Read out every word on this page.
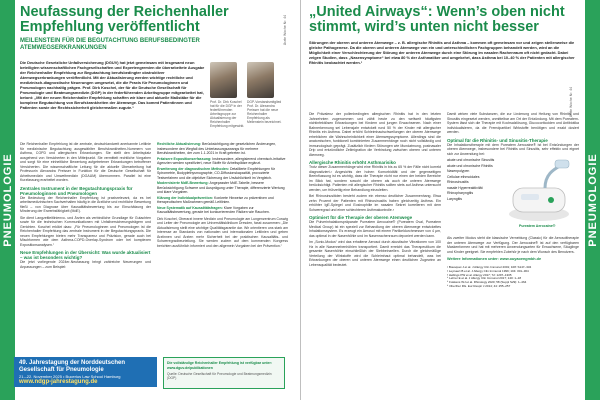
PNEUMOLOGIE
Ärzte Woche Nr. 44
Neufassung der Reichenhaller Empfehlung veröffentlicht
MEILENSTEIN FÜR DIE BEGUTACHTUNG BERUFSBEDINGTER ATEMWEGSERKRANKUNGEN
Die Deutsche Gesetzliche Unfallversicherung (DGUV) hat jetzt gemeinsam mit insgesamt neun beteiligten wissenschaftlichen Fachgesellschaften und Expertengremien die überarbeitete Ausgabe der Reichenhaller Empfehlung zur Begutachtung berufsbedingter obstruktiver Atemwegserkrankungen veröffentlicht. Mit der Aktualisierung werden wichtige rechtliche und medizinisch-diagnostische Neuerungen umgesetzt, die die Praxis für Pneumologinnen und Pneumologen nachhaltig prägen. Prof. Dirk Koschel, der für die Deutsche Gesellschaft für Pneumologie und Beatmungsmedizin (DGP) in der federführenden Arbeitsgruppe mitgearbeitet hat, betont: „Mit der neuen Reichenhaller Empfehlung schaffen wir klare und aktuelle Maßstäbe für die komplexe Begutachtung von Berufskrankheiten der Atemwege. Das kommt Patientinnen und Patienten sowie der Rechtssicherheit gleichermaßen zugute.“
Prof. Dr. Dirk Koschel hat für die DGP in der federführenden Arbeitsgruppe zur Aktualisierung der Reichenhaller Empfehlung mitgewirkt.
DGP-Vorstandsmitglied Prof. Dr. Alexandra Preisser hat die neue Reichenhaller Empfehlung als Meilenstein bezeichnet.

Die Reichenhaller Empfehlung ist die zentrale, deutschlandweit anerkannte Leitlinie für medizinische Begutachtung ausgewählter Berufskrankheiten-Nummern von Asthma, COPD und allergischen Erkrankungen. Sie stellt den Arbeitsplatz ausgehend von Versicherten in den Mittelpunkt. Sie vermittelt rechtliche Vorgaben und sorgt für eine einheitliche Bewertung aufgetretener Erkrankungen betroffener Versicherten. Die wissenschaftliche Leitung für die aktuelle Überarbeitung hat Professorin Alexandra Preisser in Funktion für die Deutsche Gesellschaft für Arbeitsmedizin und Umweltmedizin (DGAUM) übernommen. Parallel ist eine Kurzfassung erarbeitet worden.

Zentrales Instrument in der Begutachtungspraxis für Pneumologinnen und Pneumologen

Die Bedeutung der Reichenhaller Empfehlung ist praxisrelevant, da es bei arbeitsmedizinischen Sachverhalten häufig in die Ärztliche und rechtliche Bewertung fließt – von Diagnose über Kausalitätsbewertung bis zur Einschätzung der Minderung der Erwerbsfähigkeit (MdE).

Sie dient Langzeitleitlinienvo- und Ärzten als verbindliche Grundlage für Gutachten sowie für die technischen Kommunikationen mit Unfallversicherungsträgern und Gerichten. Koschel erklärt dazu: „Für Pneumologinnen und Pneumologen ist die Reichenhaller Empfehlung das zentrale Instrument in der Begutachtungspraxis. Die neuen Empfehlungen bieten mehr Transparenz und Präzision, gerade auch bei Mischformen wie dem Asthma-COPD-Overlap-Syndrom oder bei komplexen Expositionsanalysen.“

Neue Empfehlungen in der Übersicht: Was wurde aktualisiert – was ist besonders wichtig?

Die jetzt vorliegende 2024er-Neufassung bringt zahlreiche Neuerungen und Anpassungen – zum Beispiel:

Rechtliche Aktualisierung: Berücksichtigung der gesetzlichen Änderungen, insbesondere den Wegfall des Unterlassungszwangs für mehrere Berufskrankheiten, der zum 1.1.2021 in Kraft getreten ist.
Präzisere Expositionserfassung: Insbesondere, allergisierend chemisch-irritative Agenzien werden spezifiziert, neue Stoffe für Arbeitsplätze ergänzt.
Erweiterung der diagnostischen Methoden: Detaillierte Empfehlungen für Spirometrie, Bodyplethysmographie, CO-Diffusionskapazität, provozierte Testverfahren und die objektive Sicherung der Ursächlichkeit im Vergleich.
Modernisierte MdE-Bewertung: Angepasster MdE-Tabelle, bessere Berücksichtigung Schwere und Ausprägung unter Therapie, differenzierte Wertung und klare Vorgaben.
Klärung der Individualprävention: Konkrete Hinweise zu präventiven und therapeutischen Maßnahmen gemäß Leitlinien.
Neue Systematik auf Kausalitätsfragen: Klare Vorgaben zur Kausalitätsbewertung, gerade bei konkurrierenden Risiken wie Rauchen.

Dirk Koschel, Oberarzt innere Medizin und Pneumologie am Lungenzentrum Coswig und Leiter der Pneumologie am Universitätsklinikum Dresden, fasst zusammen: „Die Aktualisierung stellt eine wichtige Qualitätsgarantie dar. Wir orientieren uns stark am Interesse an Standards von nationalen und internationalen Leitlinien und geben Ärztinnen und Ärzten mehr Sicherheit bei der praktischen Kausalitäts- und Schweregradbeurteilung. Sie werden zudem auf dem kommenden Kongress berichten ausführlich informiert und den allgemein Vorgaben bei der Prävention.“

49. Jahrestagung der Norddeutschen Gesellschaft für Pneumologie
21.–22. November 2025 • Bucerius Law School Hamburg
www.ndgp-jahrestagung.de
Die vollständige Reichenhaller Empfehlung ist verfügbar unter:
www.dguv.de/publikationen
Quelle: Deutsche Gesellschaft für Pneumologie und Beatmungsmedizin (DGP)
PNEUMOLOGIE
Ärzte Woche Nr. 44
„United Airways“: Wenn’s oben nicht stimmt, wird’s unten nicht besser
Störungen der oberen und unteren Atemwege – z. B. allergische Rhinitis und Asthma – kommen oft gemeinsam vor und zeigen stellenweise die gleiche Pathogenese. Da die oberen und unteren Atemwege von ein und unterschiedlichen Fachgruppen behandelt werden, wird an die Möglichkeit einer Verschlechterung der Störung der unteren Atemwege durch eine Störung im nasalen Rachenraum oft nicht gedacht. Dabei zeigen Studien, dass „Nasensymptome“ bei etwa 80 % der Asthmatiker und umgekehrt, dass Asthma bei 10–40 % der Patienten mit allergischer Rhinitis beobachtet werden.¹

Die Prävalenz der pollenbedingten allergischen Rhinitis hat in den letzten Jahrzehnten zugenommen und zählt heute zu den weltweit häufigsten nichtinfektiösen Erkrankungen bei Kindern und jungen Erwachsenen. Nach einer Bahnerkennung sei Lebensjahr entwickelt rund 50 % der Kinder mit allergischer Rhinitis ein Asthma. Dabei erhöht Schleimhautschwellungen der oberen Atemwege erheblichen die Wahrscheinlichkeit einer Atemwegssymptome. Allerdings sind die anatomischen, funktionell kombinierten Zusammenhänge noch nicht vollständig und immunologisch geprägt. Zusätzlich fördern Störungen wie Mundatmung, postnasaler Drip und entzündliche Zellmigration die Verbindung zwischen oberen und unteren Atemweg.

Allergische Rhinitis erhöht Asthmarisiko

Trotz dieser Zusammenhänge wird eine Rhinitis in bis zu 65 % der Fälle nicht korrekt diagnostiziert.² Angesichts der hohen Komorbidität und der gegenseitigen Beeinflussung ist es wichtig, dass die Therapie nicht nur einen der beiden Bereiche im Blick hat, sondern sowohl die oberen als auch die unteren Atemwege berücksichtigt. Patienten mit allergischer Rhinitis sollten stets auf Asthma untersucht werden, um frühzeitig eine Behandlung einzuleiten.

Bei Rhinosinusitiden besteht zudem ein ebenso deutlicher Zusammenhang. Etwa zehn Prozent der Patienten mit Rhinosinusitis haben gleichzeitig Asthma. Ein erhöhter IgE-Spiegel und Eosinophilie im nasalen Sekret korrelieren mit dem Schweregrad und einer schlechteren Asthmakontrolle.³

Optimiert für die Therapie der oberen Atemwege

Die Pulverinhalationspräparate Pureatem Aerocaine® (Pureatem Oval, Pureatem Medical Group) ist ein speziell zur Behandlung der oberen Atemwege entwickeltes Inhalationssystem. Es erzeugt ein Aerosol mit einem Partikeldurchmesser von 4 µm, das optimal in der Nasenhöhle und im Nasenrachenraum deponiert werden kann.

Im „Sonic-Modus“ wird das erhaltene Aerosol durch akustische Vibrationen von 100 Hz in alle Nasennebenhöhlen transportiert. Damit erreicht das Therapeutikum die gesamte Nasenhöhle einschließlich der Siebbeinzellen. Durch die gleichmäßige Verteilung der Wirkstoffe wird die Schleimhaut optimal behandelt, was bei Erkrankungen der oberen und unteren Atemwege einen deutlichen Zugewinn an Lebensqualität bedeutet.

Damit wirken viele Substanzen, die zur Linderung und Heilung von Rhinitis und Sinusitis eingesetzt werden, unmittelbar am Ort der Entzündung. Mit dem Pureatem-System lässt sich die Therapie mit Kochsalzlösung, Glucocorticoiden und Antibiotika individualisieren, da die Fremdpartikel Wirkstoffe benötigen und exakt dosiert werden.

Optimal für die Rhinitis- und Sinusitis-Therapie

Die Inhalationstherapie mit dem Pureatem Aerocaine® ist bei Entzündungen der oberen Atemwege, insbesondere bei Rhinitis und Sinusitis, sehr effektiv und eignet sich zur Anwendung bei:

akute und chronische Sinusitis
akute und chronische Rhinitis
Nasenpolypen
Cellulae ethmoidales
Rhinosinusitis
nasale Hyperreaktivität
Rhinopharyngitis
Laryngitis
Pureatem Aerocaine®

Als zweiter Modus steht die klassische Verneblung (Classic) für die Aerosoltherapie der unteren Atemwege zur Verfügung. Der Aerocaine® ist auf den verfügbaren Maskenformen und hat mit mehreren Anwendungsarten für Erwachsene, Säuglinge und Kinder geeignet. Sie empfehlen Zubehör je nach dem Wunsch des Benutzers.

Weitere Informationen unter: www.ouyaoengmbh.de
¹ Bousquet J et al. J Allergy Clin Immunol 2001; 108: S147–334
² Leynaert B et al. J Allergy Clin Immunol 1999; 104: 301–304
³ Hellings PW et al. Allergy 2017; 72: 1297–1305
⁴ Lehrer E et al. J Allergy Clin Immunol 2017; 140: 1–18
⁵ Fokkens WJ et al. Rhinology 2020; 58 (Suppl S29): 1–464
⁶ Oberfrier RG. Eur Respir J 2014; 44: 255–257
